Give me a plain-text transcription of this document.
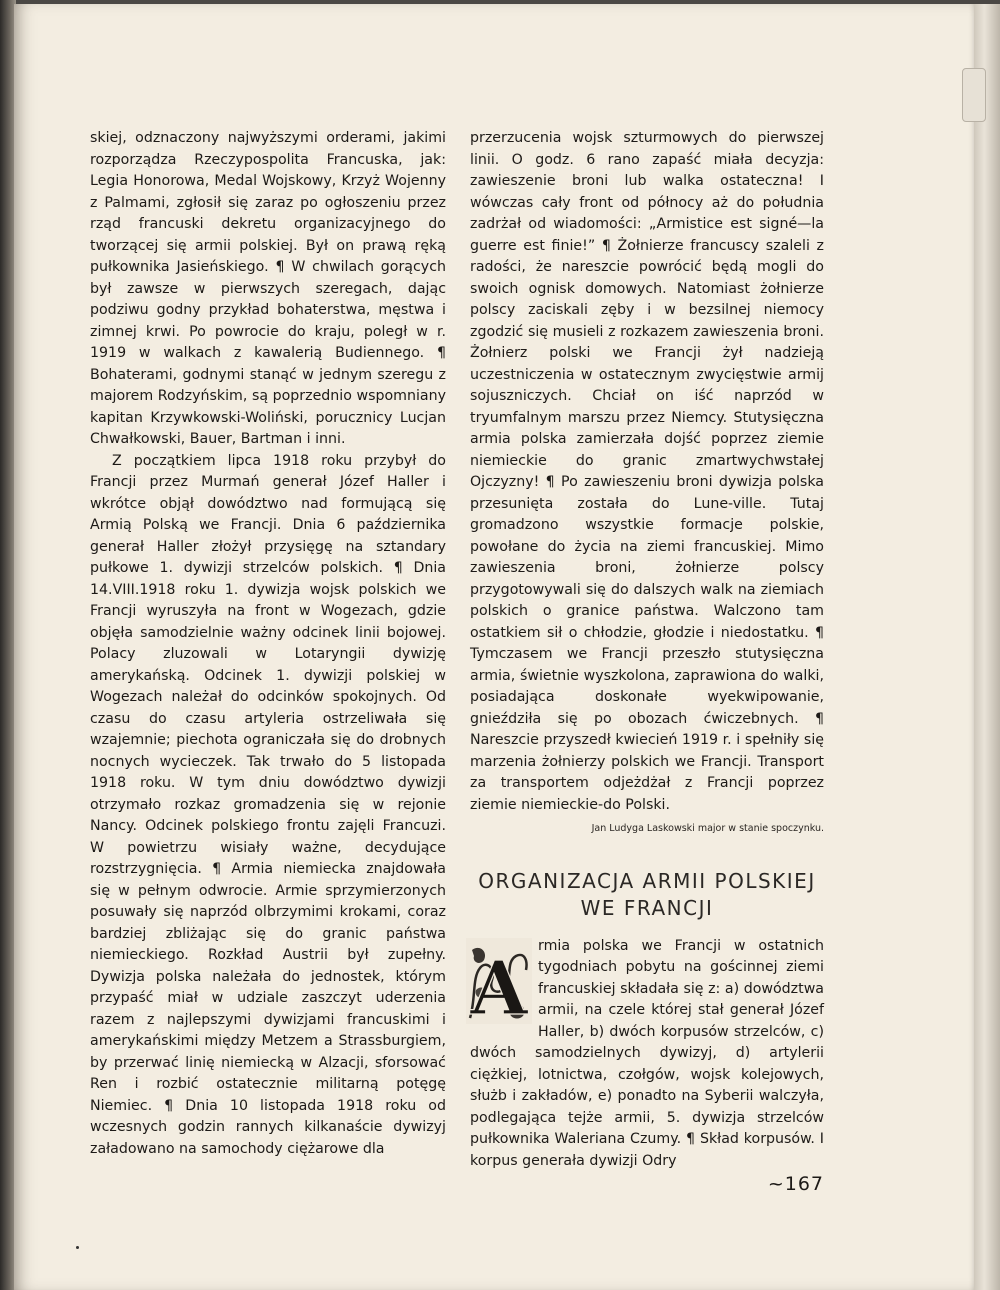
skiej, odznaczony najwyższymi orderami, jakimi rozporządza Rzeczypospolita Francuska, jak: Legia Honorowa, Medal Wojskowy, Krzyż Wojenny z Palmami, zgłosił się zaraz po ogłoszeniu przez rząd francuski dekretu organizacyjnego do tworzącej się armii polskiej. Był on prawą ręką pułkownika Jasieńskiego. ¶ W chwilach gorących był zawsze w pierwszych szeregach, dając podziwu godny przykład bohaterstwa, męstwa i zimnej krwi. Po powrocie do kraju, poległ w r. 1919 w walkach z kawalerią Budiennego. ¶ Bohaterami, godnymi stanąć w jednym szeregu z majorem Rodzyńskim, są poprzednio wspomniany kapitan Krzywkowski-Woliński, porucznicy Lucjan Chwałkowski, Bauer, Bartman i inni.

Z początkiem lipca 1918 roku przybył do Francji przez Murmań generał Józef Haller i wkrótce objął dowództwo nad formującą się Armią Polską we Francji. Dnia 6 października generał Haller złożył przysięgę na sztandary pułkowe 1. dywizji strzelców polskich. ¶ Dnia 14.VIII.1918 roku 1. dywizja wojsk polskich we Francji wyruszyła na front w Wogezach, gdzie objęła samodzielnie ważny odcinek linii bojowej. Polacy zluzowali w Lotaryngii dywizję amerykańską. Odcinek 1. dywizji polskiej w Wogezach należał do odcinków spokojnych. Od czasu do czasu artyleria ostrzeliwała się wzajemnie; piechota ograniczała się do drobnych nocnych wycieczek. Tak trwało do 5 listopada 1918 roku. W tym dniu dowództwo dywizji otrzymało rozkaz gromadzenia się w rejonie Nancy. Odcinek polskiego frontu zajęli Francuzi. W powietrzu wisiały ważne, decydujące rozstrzygnięcia. ¶ Armia niemiecka znajdowała się w pełnym odwrocie. Armie sprzymierzonych posuwały się naprzód olbrzymimi krokami, coraz bardziej zbliżając się do granic państwa niemieckiego. Rozkład Austrii był zupełny. Dywizja polska należała do jednostek, którym przypaść miał w udziale zaszczyt uderzenia razem z najlepszymi dywizjami francuskimi i amerykańskimi między Metzem a Strassburgiem, by przerwać linię niemiecką w Alzacji, sforsować Ren i rozbić ostatecznie militarną potęgę Niemiec. ¶ Dnia 10 listopada 1918 roku od wczesnych godzin rannych kilkanaście dywizyj załadowano na samochody ciężarowe dla

przerzucenia wojsk szturmowych do pierwszej linii. O godz. 6 rano zapaść miała decyzja: zawieszenie broni lub walka ostateczna! I wówczas cały front od północy aż do południa zadrżał od wiadomości: „Armistice est signé—la guerre est finie!” ¶ Żołnierze francuscy szaleli z radości, że nareszcie powrócić będą mogli do swoich ognisk domowych. Natomiast żołnierze polscy zaciskali zęby i w bezsilnej niemocy zgodzić się musieli z rozkazem zawieszenia broni. Żołnierz polski we Francji żył nadzieją uczestniczenia w ostatecznym zwycięstwie armij sojuszniczych. Chciał on iść naprzód w tryumfalnym marszu przez Niemcy. Stutysięczna armia polska zamierzała dojść poprzez ziemie niemieckie do granic zmartwychwstałej Ojczyzny! ¶ Po zawieszeniu broni dywizja polska przesunięta została do Lune-ville. Tutaj gromadzono wszystkie formacje polskie, powołane do życia na ziemi francuskiej. Mimo zawieszenia broni, żołnierze polscy przygotowywali się do dalszych walk na ziemiach polskich o granice państwa. Walczono tam ostatkiem sił o chłodzie, głodzie i niedostatku. ¶ Tymczasem we Francji przeszło stutysięczna armia, świetnie wyszkolona, zaprawiona do walki, posiadająca doskonałe wyekwipowanie, gnieździła się po obozach ćwiczebnych. ¶ Nareszcie przyszedł kwiecień 1919 r. i spełniły się marzenia żołnierzy polskich we Francji. Transport za transportem odjeżdżał z Francji poprzez ziemie niemieckie-do Polski.

Jan Ludyga Laskowski major w stanie spoczynku.

ORGANIZACJA ARMII POLSKIEJ
WE FRANCJI

A rmia polska we Francji w ostatnich tygodniach pobytu na gościnnej ziemi francuskiej składała się z: a) dowództwa armii, na czele której stał generał Józef Haller, b) dwóch korpusów strzelców, c) dwóch samodzielnych dywizyj, d) artylerii ciężkiej, lotnictwa, czołgów, wojsk kolejowych, służb i zakładów, e) ponadto na Syberii walczyła, podlegająca tejże armii, 5. dywizja strzelców pułkownika Waleriana Czumy. ¶ Skład korpusów. I korpus generała dywizji Odry

~167
